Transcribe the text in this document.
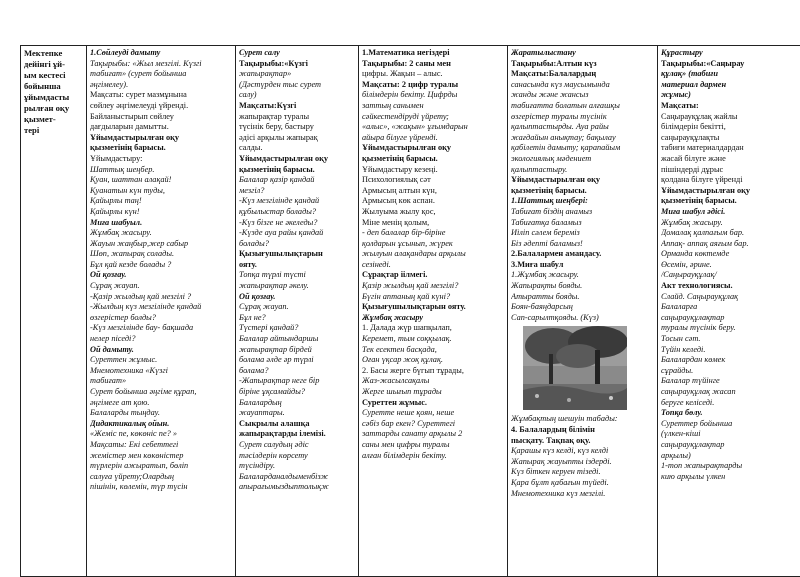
Мектепке
дейінгі ұй-
ым кестесі
бойынша
ұйымдасты
рылған оқу
қызмет-
тері

1.Сөйлеудi дамыту
Тақырыбы: «Жыл мезгілі. Күзгі
табиғат» (сурет бойынша
әңгiмелеу).
Мақсаты: сурет мазмұнына
сөйлеу әңгiмелеуді үйрендi.
Байланыстырып сөйлеу
дағдыларын дамытты.
Ұйымдастырылған оқу
қызметінің барысы.
Ұйымдастыру:
Шаттық шеңбер.
Қуан, шаттан алақай!
Қуанатын күн туды,
Қайырлы таң!
Қайырлы күн!
Миға шабуыл.
Жұмбақ жасыру.
Жауын жаңбыр,жер сабыр
Шөп, жапырақ солады.
Бұл қай кезде болады ?
Ой қозғау.
Сұрақ жауап.
-Қазір жылдың қай мезгілі ?
-Жылдың күз мезгілінде қандай
өзгерістер болды?
-Күз мезгілінде бау- бақшада
нелер піседі?
Ой дамыту.
Суреттен жұмыс.
Мнемотехника «Күзгі
табиғат»
Сурет бойынша әңгіме құрап,
әңгімеге ат қою.
Балаларды тыңдау.
Дидактикалық ойын.
«Жеміс пе, көкөніс пе? »
Мақсаты: Екі себеттегі
жемістер мен көкөністер
түрлерін ажыратып, бөліп
салуға үйрету;Олардың
пішінін, көлемін, түр түсін

Сурет салу
Тақырыбы:«Күзгі
жапырақтар»
(Дәстүрден тыс сурет
салу)
Мақсаты:Күзгі
жапырақтар туралы
түсінік беру, бастыру
әдісі арқылы жапырақ
салды.
Ұйымдастырылған оқу
қызметінің барысы.
Балалар қазір қандай
мезгіл?
-Күз мезгілінде қандай
құбылыстар болады?
-Күз бізге не әкеледы?
-Күзде ауа райы қандай
болады?
Қызығушылықтарын
ояту.
Топқа түрлі түсті
жапырақтар әкелу.
Ой қозғау.
Сұрақ жауап.
Бұл не?
Түстері қандай?
Балалар айтындаршы
жапырақтар бірдей
болама әлде әр түрлі
болама?
-Жапырақтар неге бір
біріне ұқсамайды?
Балалардың
жауаптары.
Сыкрылы алашқа
жапырақтарды ілемізі.
Сурет салудың әдіс
тәсілдерін көрсету
түсіндіру.
Балаларданалдыменбізж
апырағымыздыптолықж

1.Математика негіздері
Тақырыбы: 2 саны мен
цифры. Жақын – алыс.
Мақсаты: 2 цифр туралы
білімдерін бекіту. Цифрды
заттың санымен
сәйкестендіруді үйрету;
«алыс», «жақын» ұғымдарын
айыра білуге үйренді.
Ұйымдастырылған оқу
қызметінің барысы.
Ұйымдастыру кезеңі.
Психологиялық сәт
Армысың алтын күн,
Армысың көк аспан.
Жылуыма жылу қос,
Міне менің қолым,
- деп балалар бір-біріне
қолдарын ұсынып, жүрек
жылуын алақандары арқылы
сезінеді.
Сұрақтар іілмегі.
Қазір жылдың қай мезгілі?
Бүгін аптаның қай күні?
Қызығушылықтарын ояту.
Жұмбақ жасыру
1. Далада жүр шапқылап,
Керемет, тым соққылақ.
Тек есектен басқада,
Оған үқсар жоқ құлақ.
2. Басы жерге бүгып тұрады,
Жаз-жасылсақалы
Жерге шығып тұрады
Суреттен жұмыс.
Суретте неше қоян, неше
сәбіз бар екен? Суреттегі
заттарды санату арқылы 2
саны мен цифры туралы
алған білімдерін бекіту.

Жаратылыстану
Тақырыбы:Алтын күз
Мақсаты:Балалардың
санасында күз маусымында
жанды және жансыз
табиғатта болатын алғашқы
өзгерістер туралы түсінік
қалыптастырды. Ауа райы
жағдайын анықтау; бақылау
қабілетін дамыту; қарапайым
экологиялық мәдениет
қалыптастыру.
Ұйымдастырылған оқу
қызметінің барысы.
1.Шаттық шеңбері:
Табиғат біздің анамыз
Табиғатқа баламыз
Иіліп сәлем береміз
Біз әдептi баламыз!
2.Балалармен амандасу.
3.Миға шабул
1.Жұмбақ жасыру.
Жапырақты бояды.
Атыратты бояды.
Боян-баяңдарсың
Сап-сарылтқояды. (Күз)
Жұмбақтың шешуін табады:
4. Балалардың білімін
пысқату. Тақпақ оқу.
Қарашы күз келді, күз келді
Жапырақ жауыпты іздерді.
Күз біткен керуен тізеді.
Қара бұлт қабағын түйеді.
Мнемотехника күз мезгілі.

Құрастыру
Тақырыбы:«Саңырау
құлақ» (табиғи
материал дармен
жұмыс)
Мақсаты:
Саңырауқұлақ жайлы
білімдерін бекітті,
саңырауқұлақты
табиғи материалдардан
жасай білуге және
пішіндерді дұрыс
қолдана білуге үйренді
Ұйымдастырылған оқу
қызметінің барысы.
Миға шабул әдісі.
Жұмбақ жасыру.
Домалақ қалпағым бар.
Аппақ- аппақ аяғым бар.
Орманда көктемде
Өсемін, әрине.
/Саңырауқұлақ/
Акт технологиясы.
Слайд. Саңырауқұлақ
Балаларға
саңырауқұлақтар
туралы түсінік беру.
Тосын сәт.
Түйін келеді.
Балалардан көмек
сұрайды.
Балалар түйінге
саңырауқұлақ жасап
беруге келіседі.
Топқа бөлу.
Суреттер бойынша
(үлкен-кіші
саңырауқұлақтар
арқылы)
1-топ жапырақтарды
кию арқылы үлкен
